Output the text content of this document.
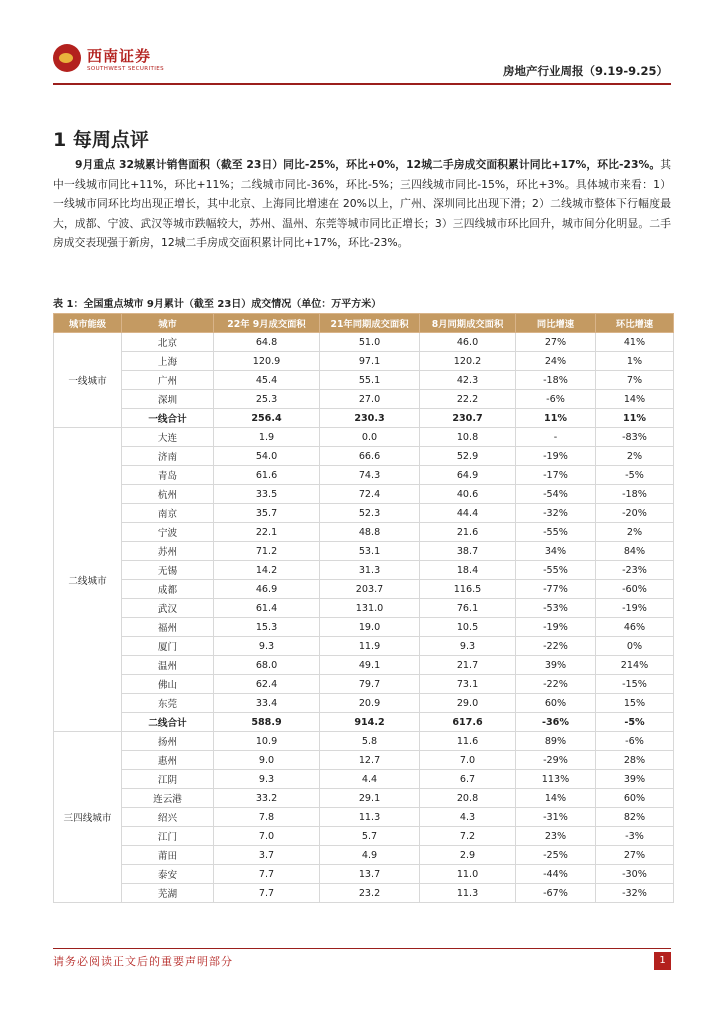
西南证券
SOUTHWEST SECURITIES	房地产行业周报（9.19-9.25）
1 每周点评
9月重点 32城累计销售面积（截至 23日）同比-25%，环比+0%，12城二手房成交面积累计同比+17%，环比-23%。其中一线城市同比+11%，环比+11%；二线城市同比-36%，环比-5%；三四线城市同比-15%，环比+3%。具体城市来看：1）一线城市同环比均出现正增长，其中北京、上海同比增速在 20%以上，广州、深圳同比出现下滑；2）二线城市整体下行幅度最大，成都、宁波、武汉等城市跌幅较大，苏州、温州、东莞等城市同比正增长；3）三四线城市环比回升，城市间分化明显。二手房成交表现强于新房，12城二手房成交面积累计同比+17%，环比-23%。
表 1：全国重点城市 9月累计（截至 23日）成交情况（单位：万平方米）
城市能级	城市	22年 9月成交面积	21年同期成交面积	8月同期成交面积	同比增速	环比增速
一线城市	北京	64.8	51.0	46.0	27%	41%
	上海	120.9	97.1	120.2	24%	1%
	广州	45.4	55.1	42.3	-18%	7%
	深圳	25.3	27.0	22.2	-6%	14%
	一线合计	256.4	230.3	230.7	11%	11%
二线城市	大连	1.9	0.0	10.8	-	-83%
	济南	54.0	66.6	52.9	-19%	2%
	青岛	61.6	74.3	64.9	-17%	-5%
	杭州	33.5	72.4	40.6	-54%	-18%
	南京	35.7	52.3	44.4	-32%	-20%
	宁波	22.1	48.8	21.6	-55%	2%
	苏州	71.2	53.1	38.7	34%	84%
	无锡	14.2	31.3	18.4	-55%	-23%
	成都	46.9	203.7	116.5	-77%	-60%
	武汉	61.4	131.0	76.1	-53%	-19%
	福州	15.3	19.0	10.5	-19%	46%
	厦门	9.3	11.9	9.3	-22%	0%
	温州	68.0	49.1	21.7	39%	214%
	佛山	62.4	79.7	73.1	-22%	-15%
	东莞	33.4	20.9	29.0	60%	15%
	二线合计	588.9	914.2	617.6	-36%	-5%
三四线城市	扬州	10.9	5.8	11.6	89%	-6%
	惠州	9.0	12.7	7.0	-29%	28%
	江阴	9.3	4.4	6.7	113%	39%
	连云港	33.2	29.1	20.8	14%	60%
	绍兴	7.8	11.3	4.3	-31%	82%
	江门	7.0	5.7	7.2	23%	-3%
	莆田	3.7	4.9	2.9	-25%	27%
	泰安	7.7	13.7	11.0	-44%	-30%
	芜湖	7.7	23.2	11.3	-67%	-32%
请务必阅读正文后的重要声明部分	1
